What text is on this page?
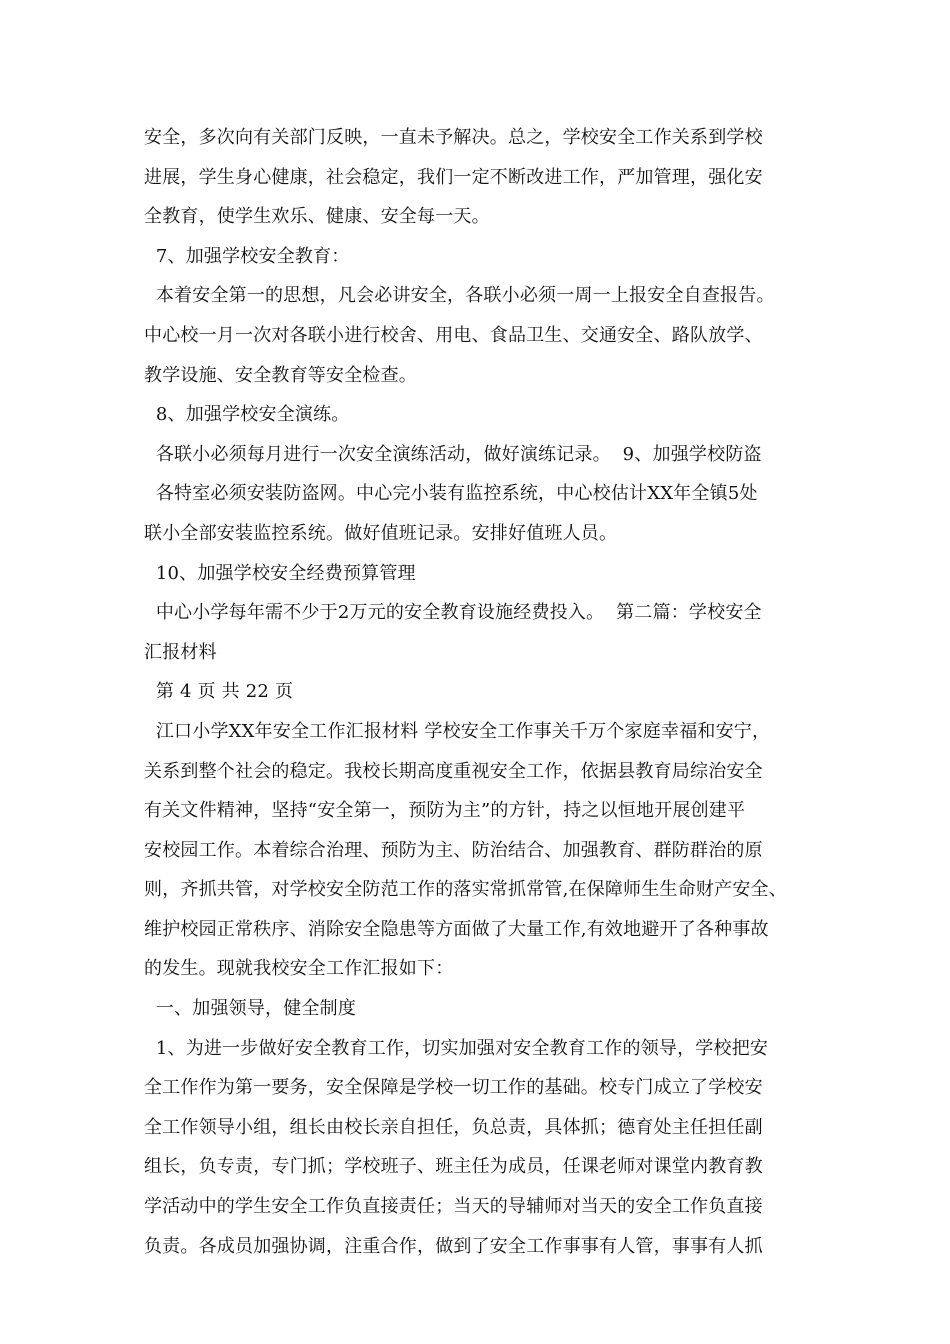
安全，多次向有关部门反映，一直未予解决。总之，学校安全工作关系到学校
进展，学生身心健康，社会稳定，我们一定不断改进工作，严加管理，强化安
全教育，使学生欢乐、健康、安全每一天。
7、加强学校安全教育：
本着安全第一的思想，凡会必讲安全，各联小必须一周一上报安全自查报告。
中心校一月一次对各联小进行校舍、用电、食品卫生、交通安全、路队放学、
教学设施、安全教育等安全检查。
8、加强学校安全演练。
各联小必须每月进行一次安全演练活动，做好演练记录。  9、加强学校防盗
各特室必须安装防盗网。中心完小装有监控系统，中心校估计XX年全镇5处
联小全部安装监控系统。做好值班记录。安排好值班人员。
10、加强学校安全经费预算管理
中心小学每年需不少于2万元的安全教育设施经费投入。  第二篇：学校安全
汇报材料
第 4 页 共 22 页
江口小学XX年安全工作汇报材料 学校安全工作事关千万个家庭幸福和安宁，
关系到整个社会的稳定。我校长期高度重视安全工作，依据县教育局综治安全
有关文件精神，坚持“安全第一，预防为主”的方针，持之以恒地开展创建平
安校园工作。本着综合治理、预防为主、防治结合、加强教育、群防群治的原
则，齐抓共管，对学校安全防范工作的落实常抓常管,在保障师生生命财产安全、
维护校园正常秩序、消除安全隐患等方面做了大量工作,有效地避开了各种事故
的发生。现就我校安全工作汇报如下：
一、加强领导，健全制度
1、为进一步做好安全教育工作，切实加强对安全教育工作的领导，学校把安
全工作作为第一要务，安全保障是学校一切工作的基础。校专门成立了学校安
全工作领导小组，组长由校长亲自担任，负总责，具体抓；德育处主任担任副
组长，负专责，专门抓；学校班子、班主任为成员，任课老师对课堂内教育教
学活动中的学生安全工作负直接责任；当天的导辅师对当天的安全工作负直接
负责。各成员加强协调，注重合作，做到了安全工作事事有人管，事事有人抓
